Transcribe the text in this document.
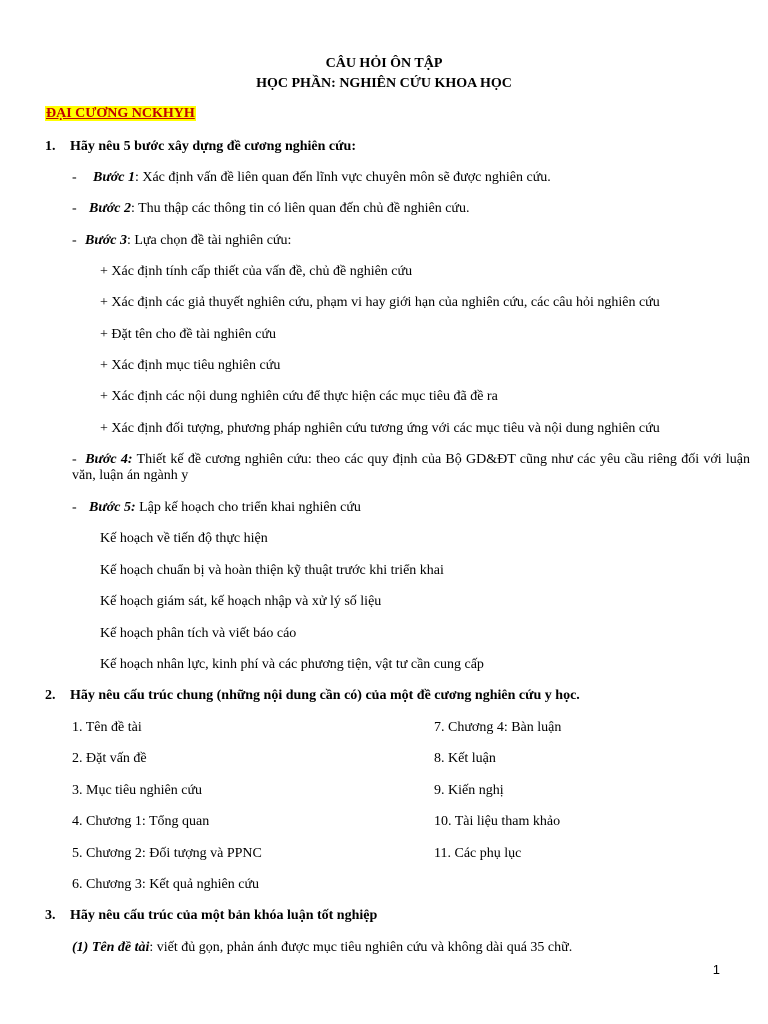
CÂU HỎI ÔN TẬP
HỌC PHẦN: NGHIÊN CỨU KHOA HỌC
ĐẠI CƯƠNG NCKHYH
1. Hãy nêu 5 bước xây dựng đề cương nghiên cứu:
- Bước 1: Xác định vấn đề liên quan đến lĩnh vực chuyên môn sẽ được nghiên cứu.
- Bước 2: Thu thập các thông tin có liên quan đến chủ đề nghiên cứu.
- Bước 3: Lựa chọn đề tài nghiên cứu:
+ Xác định tính cấp thiết của vấn đề, chủ đề nghiên cứu
+ Xác định các giả thuyết nghiên cứu, phạm vi hay giới hạn của nghiên cứu, các câu hỏi nghiên cứu
+ Đặt tên cho đề tài nghiên cứu
+ Xác định mục tiêu nghiên cứu
+ Xác định các nội dung nghiên cứu để thực hiện các mục tiêu đã đề ra
+ Xác định đối tượng, phương pháp nghiên cứu tương ứng với các mục tiêu và nội dung nghiên cứu
- Bước 4: Thiết kế đề cương nghiên cứu: theo các quy định của Bộ GD&ĐT cũng như các yêu cầu riêng đối với luận văn, luận án ngành y
- Bước 5: Lập kế hoạch cho triển khai nghiên cứu
Kế hoạch về tiến độ thực hiện
Kế hoạch chuẩn bị và hoàn thiện kỹ thuật trước khi triển khai
Kế hoạch giám sát, kế hoạch nhập và xử lý số liệu
Kế hoạch phân tích và viết báo cáo
Kế hoạch nhân lực, kinh phí và các phương tiện, vật tư cần cung cấp
2. Hãy nêu cấu trúc chung (những nội dung cần có) của một đề cương nghiên cứu y học.
1. Tên đề tài
2. Đặt vấn đề
3. Mục tiêu nghiên cứu
4. Chương 1: Tổng quan
5. Chương 2: Đối tượng và PPNC
6. Chương 3: Kết quả nghiên cứu
7. Chương 4: Bàn luận
8. Kết luận
9. Kiến nghị
10. Tài liệu tham khảo
11. Các phụ lục
3. Hãy nêu cấu trúc của một bản khóa luận tốt nghiệp
(1) Tên đề tài: viết đủ gọn, phản ánh được mục tiêu nghiên cứu và không dài quá 35 chữ.
1
